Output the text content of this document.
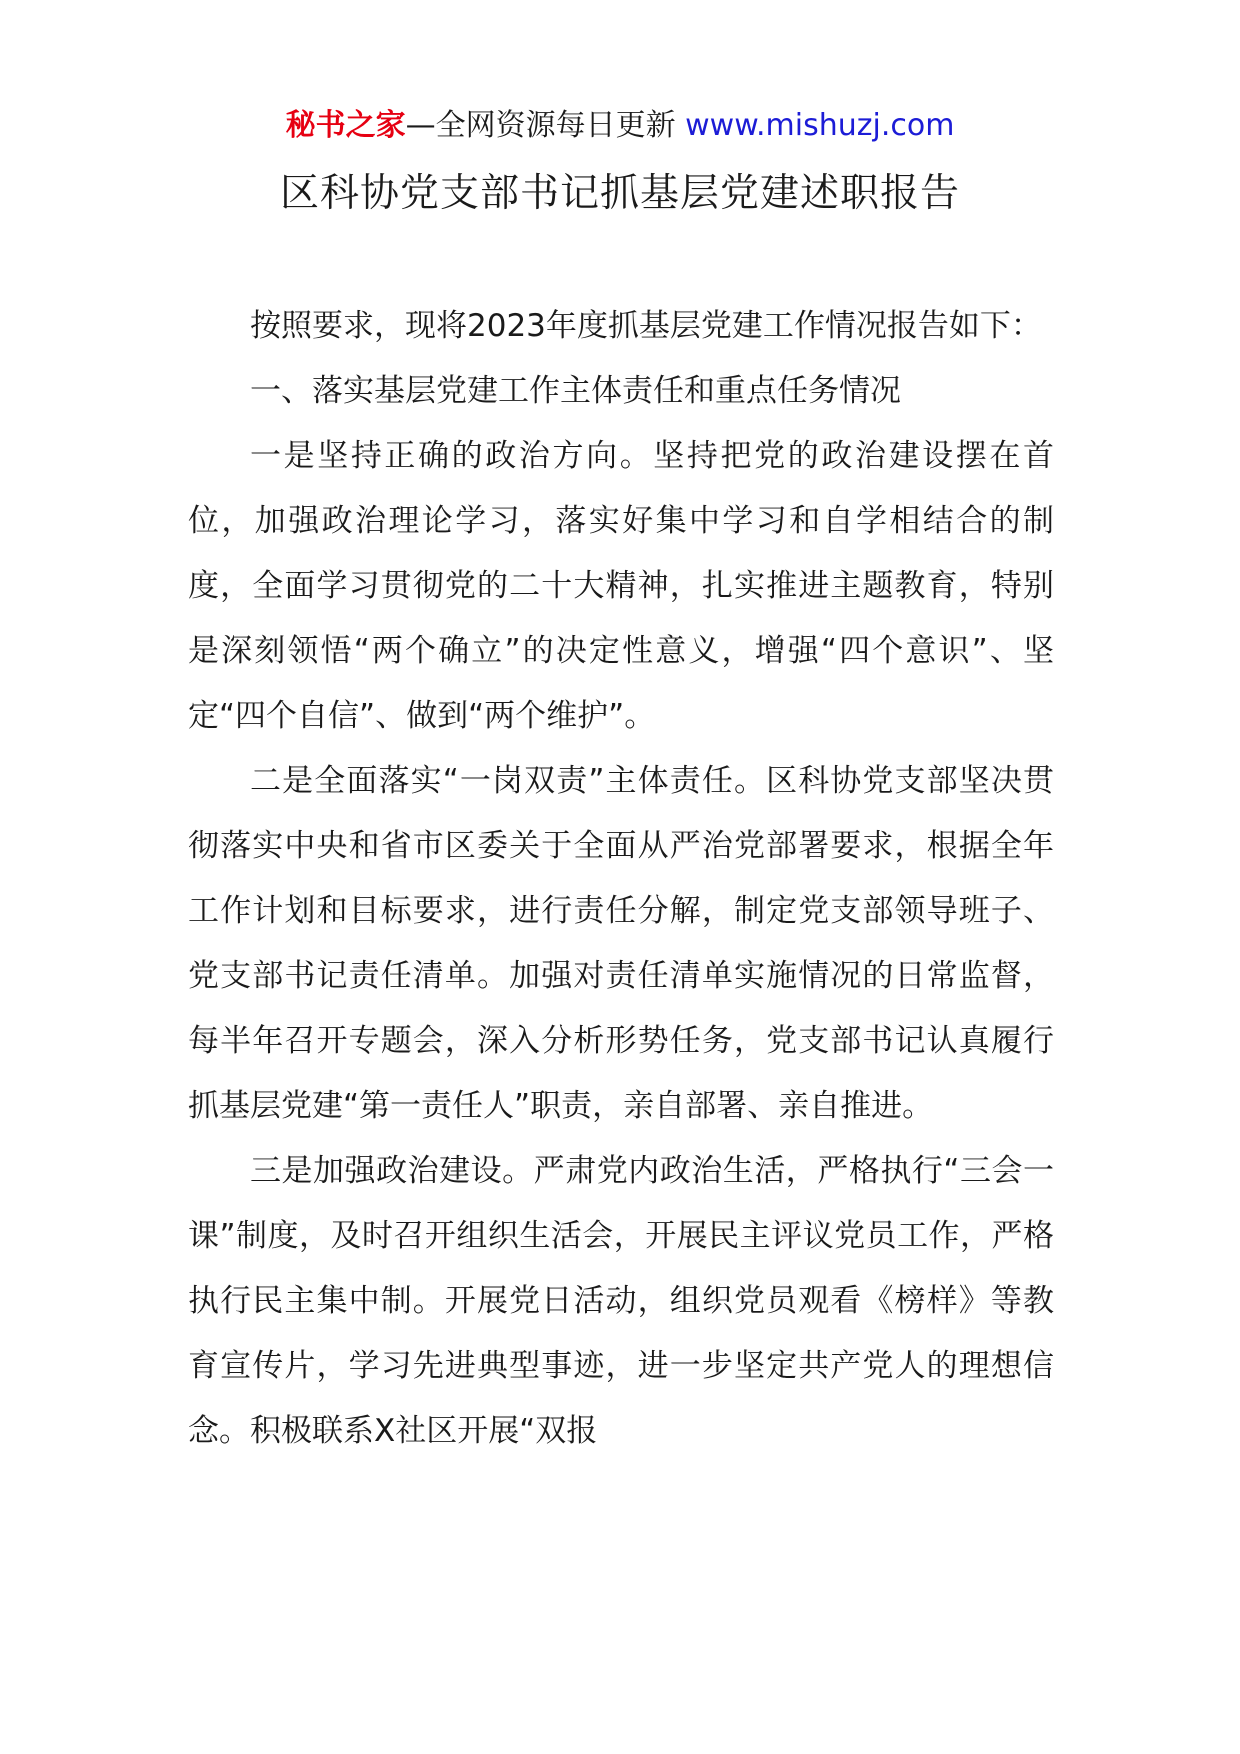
秘书之家—全网资源每日更新 www.mishuzj.com
区科协党支部书记抓基层党建述职报告

按照要求，现将2023年度抓基层党建工作情况报告如下：

一、落实基层党建工作主体责任和重点任务情况

一是坚持正确的政治方向。坚持把党的政治建设摆在首位，加强政治理论学习，落实好集中学习和自学相结合的制度，全面学习贯彻党的二十大精神，扎实推进主题教育，特别是深刻领悟“两个确立”的决定性意义，增强“四个意识”、坚定“四个自信”、做到“两个维护”。

二是全面落实“一岗双责”主体责任。区科协党支部坚决贯彻落实中央和省市区委关于全面从严治党部署要求，根据全年工作计划和目标要求，进行责任分解，制定党支部领导班子、党支部书记责任清单。加强对责任清单实施情况的日常监督，每半年召开专题会，深入分析形势任务，党支部书记认真履行抓基层党建“第一责任人”职责，亲自部署、亲自推进。

三是加强政治建设。严肃党内政治生活，严格执行“三会一课”制度，及时召开组织生活会，开展民主评议党员工作，严格执行民主集中制。开展党日活动，组织党员观看《榜样》等教育宣传片，学习先进典型事迹，进一步坚定共产党人的理想信念。积极联系X社区开展“双报
